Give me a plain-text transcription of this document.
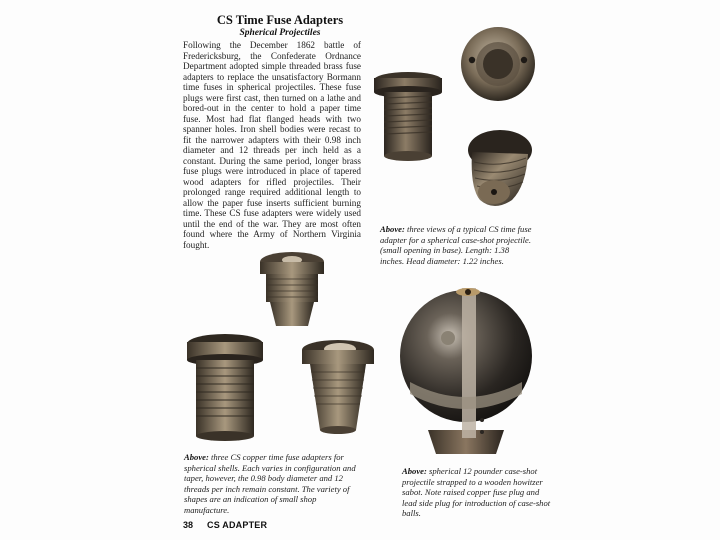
CS Time Fuse Adapters
Spherical Projectiles
Following the December 1862 battle of Fredericksburg, the Confederate Ordnance Department adopted simple threaded brass fuse adapters to replace the unsatisfactory Bormann time fuses in spherical projectiles. These fuse plugs were first cast, then turned on a lathe and bored-out in the center to hold a paper time fuse. Most had flat flanged heads with two spanner holes. Iron shell bodies were recast to fit the narrower adapters with their 0.98 inch diameter and 12 threads per inch held as a constant. During the same period, longer brass fuse plugs were introduced in place of tapered wood adapters for rifled projectiles. Their prolonged range required additional length to allow the paper fuse inserts sufficient burning time. These CS fuse adapters were widely used until the end of the war. They are most often found where the Army of Northern Virginia fought.
Above: three views of a typical CS time fuse adapter for a spherical case-shot projectile. (small opening in base). Length: 1.38 inches. Head diameter: 1.22 inches.
Above: three CS copper time fuse adapters for spherical shells. Each varies in configuration and taper, however, the 0.98 body diameter and 12 threads per inch remain constant. The variety of shapes are an indication of small shop manufacture.
Above: spherical 12 pounder case-shot projectile strapped to a wooden howitzer sabot. Note raised copper fuse plug and lead side plug for introduction of case-shot balls.
38 CS ADAPTER
